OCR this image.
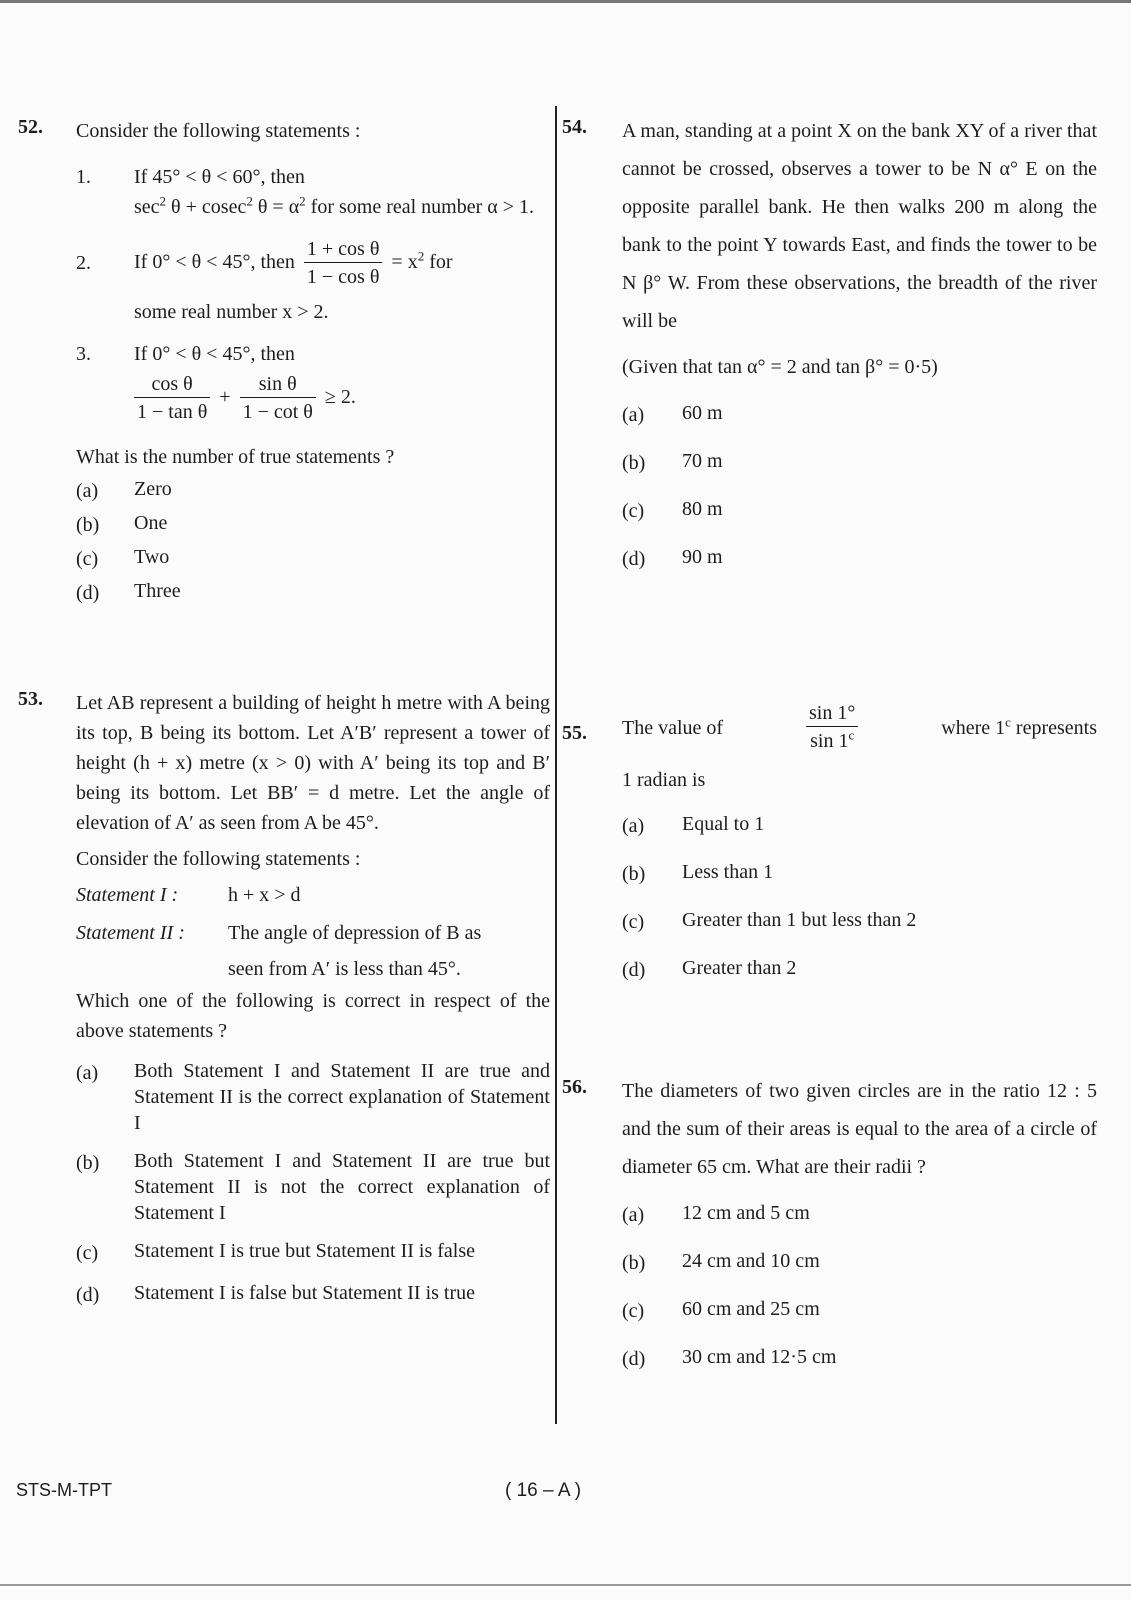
52. Consider the following statements :
1.	If 45° < θ < 60°, then
$\sec^2 \theta + cosec^2$ $\theta = \alpha^2$ for some real number α > 1.
2.	If 0° < θ < 45°, then $\frac{\text{1 + cos θ}}{\text{1 − cos θ}} = x^2$ for

some real number x > 2.
3.	If 0° < θ < 45°, then
$\frac{\text{cos θ}}{\text{1 − tan θ}} + \frac{\text{sin θ}}{\text{1 − cot θ}} \ge 2$.
What is the number of true statements ?
(a)	Zero
(b)	One
(c)	Two
(d)	Three
53. Let AB represent a building of height h metre with A being its top, B being its bottom. Let A′B′ represent a tower of height (h + x) metre (x > 0) with A′ being its top and B′ being its bottom. Let BB′ = d metre. Let the angle of elevation of A′ as seen from A be 45°.
Consider the following statements :
Statement I : h + x > d
Statement II : The angle of depression of B as
seen from A′ is less than 45°.
Which one of the following is correct in respect of the above statements ?
(a)	Both Statement I and Statement II are true and Statement II is the correct explanation of Statement I
(b)	Both Statement I and Statement II are true but Statement II is not the correct explanation of Statement I
(c)	Statement I is true but Statement II is false
(d)	Statement I is false but Statement II is true
54. A man, standing at a point X on the bank XY of a river that cannot be crossed, observes a tower to be N α° E on the opposite parallel bank. He then walks 200 m along the bank to the point Y towards East, and finds the tower to be N β° W. From these observations, the breadth of the river will be
(Given that tan α° = 2 and tan β° = 0·5)
(a)	60 m
(b)	70 m
(c)	80 m
(d)	90 m
55. The value of	$\frac{\sin 1^\circ}{\sin 1^c}$	where 1$^c$ represents
1 radian is
(a)	Equal to 1
(b)	Less than 1
(c)	Greater than 1 but less than 2
(d)	Greater than 2
56. The diameters of two given circles are in the ratio 12 : 5 and the sum of their areas is equal to the area of a circle of diameter 65 cm. What are their radii ?
(a)	12 cm and 5 cm
(b)	24 cm and 10 cm
(c)	60 cm and 25 cm
(d)	30 cm and 12·5 cm
STS-M-TPT	( 16 – A )
